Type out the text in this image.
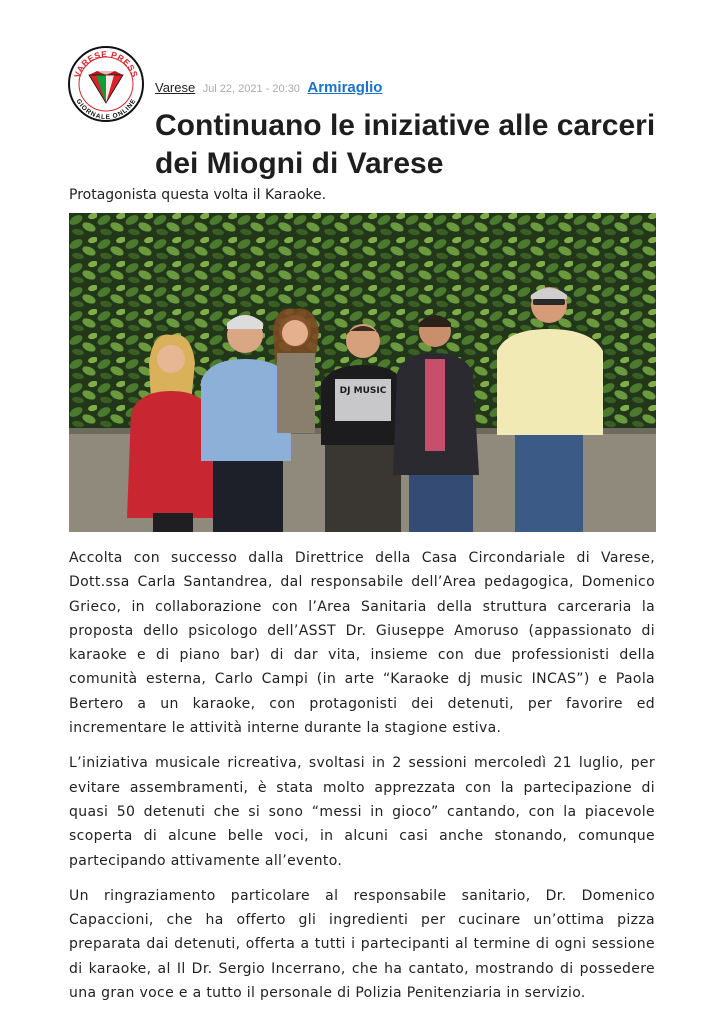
VARESE PRESS
GIORNALE ONLINE
Varese Jul 22, 2021 - 20:30 Armiraglio
Continuano le iniziative alle carceri dei Miogni di Varese

Protagonista questa volta il Karaoke.

DJ MUSIC

Accolta con successo dalla Direttrice della Casa Circondariale di Varese, Dott.ssa Carla Santandrea, dal responsabile dell’Area pedagogica, Domenico Grieco, in collaborazione con l’Area Sanitaria della struttura carceraria la proposta dello psicologo dell’ASST Dr. Giuseppe Amoruso (appassionato di karaoke e di piano bar) di dar vita, insieme con due professionisti della comunità esterna, Carlo Campi (in arte “Karaoke dj music INCAS”) e Paola Bertero a un karaoke, con protagonisti dei detenuti, per favorire ed incrementare le attività interne durante la stagione estiva.

L’iniziativa musicale ricreativa, svoltasi in 2 sessioni mercoledì 21 luglio, per evitare assembramenti, è stata molto apprezzata con la partecipazione di quasi 50 detenuti che si sono “messi in gioco” cantando, con la piacevole scoperta di alcune belle voci, in alcuni casi anche stonando, comunque partecipando attivamente all’evento.

Un ringraziamento particolare al responsabile sanitario, Dr. Domenico Capaccioni, che ha offerto gli ingredienti per cucinare un’ottima pizza preparata dai detenuti, offerta a tutti i partecipanti al termine di ogni sessione di karaoke, al Il Dr. Sergio Incerrano, che ha cantato, mostrando di possedere una gran voce e a tutto il personale di Polizia Penitenziaria in servizio.
